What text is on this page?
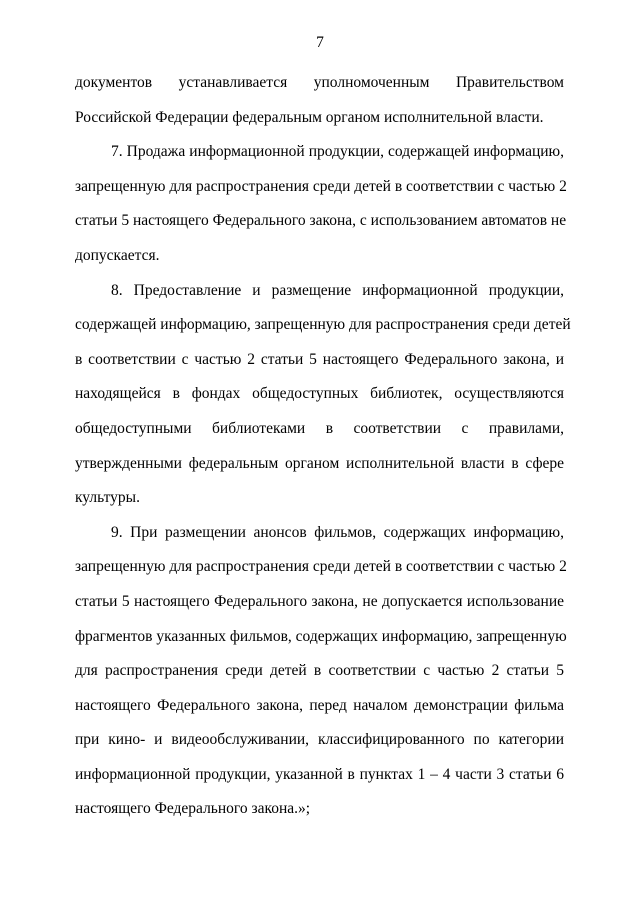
7
документов устанавливается уполномоченным Правительством
Российской Федерации федеральным органом исполнительной власти.
7. Продажа информационной продукции, содержащей информацию,
запрещенную для распространения среди детей в соответствии с частью 2
статьи 5 настоящего Федерального закона, с использованием автоматов не
допускается.
8. Предоставление и размещение информационной продукции,
содержащей информацию, запрещенную для распространения среди детей
в соответствии с частью 2 статьи 5 настоящего Федерального закона, и
находящейся в фондах общедоступных библиотек, осуществляются
общедоступными библиотеками в соответствии с правилами,
утвержденными федеральным органом исполнительной власти в сфере
культуры.
9. При размещении анонсов фильмов, содержащих информацию,
запрещенную для распространения среди детей в соответствии с частью 2
статьи 5 настоящего Федерального закона, не допускается использование
фрагментов указанных фильмов, содержащих информацию, запрещенную
для распространения среди детей в соответствии с частью 2 статьи 5
настоящего Федерального закона, перед началом демонстрации фильма
при кино- и видеообслуживании, классифицированного по категории
информационной продукции, указанной в пунктах 1 – 4 части 3 статьи 6
настоящего Федерального закона.»;
